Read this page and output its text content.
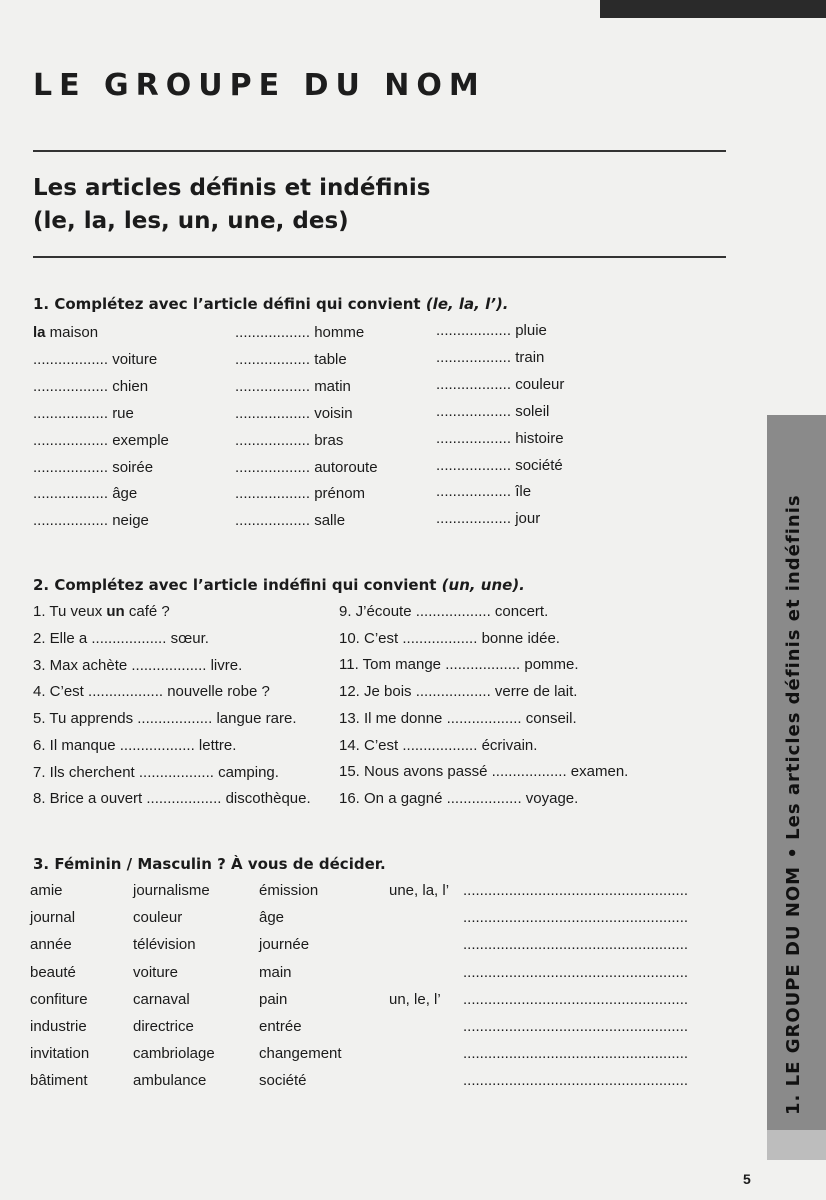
LE GROUPE DU NOM
Les articles définis et indéfinis
(le, la, les, un, une, des)
1. Complétez avec l’article défini qui convient (le, la, l’).
la maison
.................. voiture
.................. chien
.................. rue
.................. exemple
.................. soirée
.................. âge
.................. neige
.................. homme
.................. table
.................. matin
.................. voisin
.................. bras
.................. autoroute
.................. prénom
.................. salle
.................. pluie
.................. train
.................. couleur
.................. soleil
.................. histoire
.................. société
.................. île
.................. jour
2. Complétez avec l’article indéfini qui convient (un, une).
1. Tu veux un café ?
2. Elle a .................. sœur.
3. Max achète .................. livre.
4. C’est .................. nouvelle robe ?
5. Tu apprends .................. langue rare.
6. Il manque .................. lettre.
7. Ils cherchent .................. camping.
8. Brice a ouvert .................. discothèque.
9. J’écoute .................. concert.
10. C’est .................. bonne idée.
11. Tom mange .................. pomme.
12. Je bois .................. verre de lait.
13. Il me donne .................. conseil.
14. C’est .................. écrivain.
15. Nous avons passé .................. examen.
16. On a gagné .................. voyage.
3. Féminin / Masculin ? À vous de décider.
amie
journal
année
beauté
confiture
industrie
invitation
bâtiment
journalisme
couleur
télévision
voiture
carnaval
directrice
cambriolage
ambulance
émission
âge
journée
main
pain
entrée
changement
société
......................................................
......................................................
......................................................
......................................................
......................................................
......................................................
......................................................
......................................................
une, la, l’
un, le, l’
1. LE GROUPE DU NOM • Les articles définis et indéfinis
5
